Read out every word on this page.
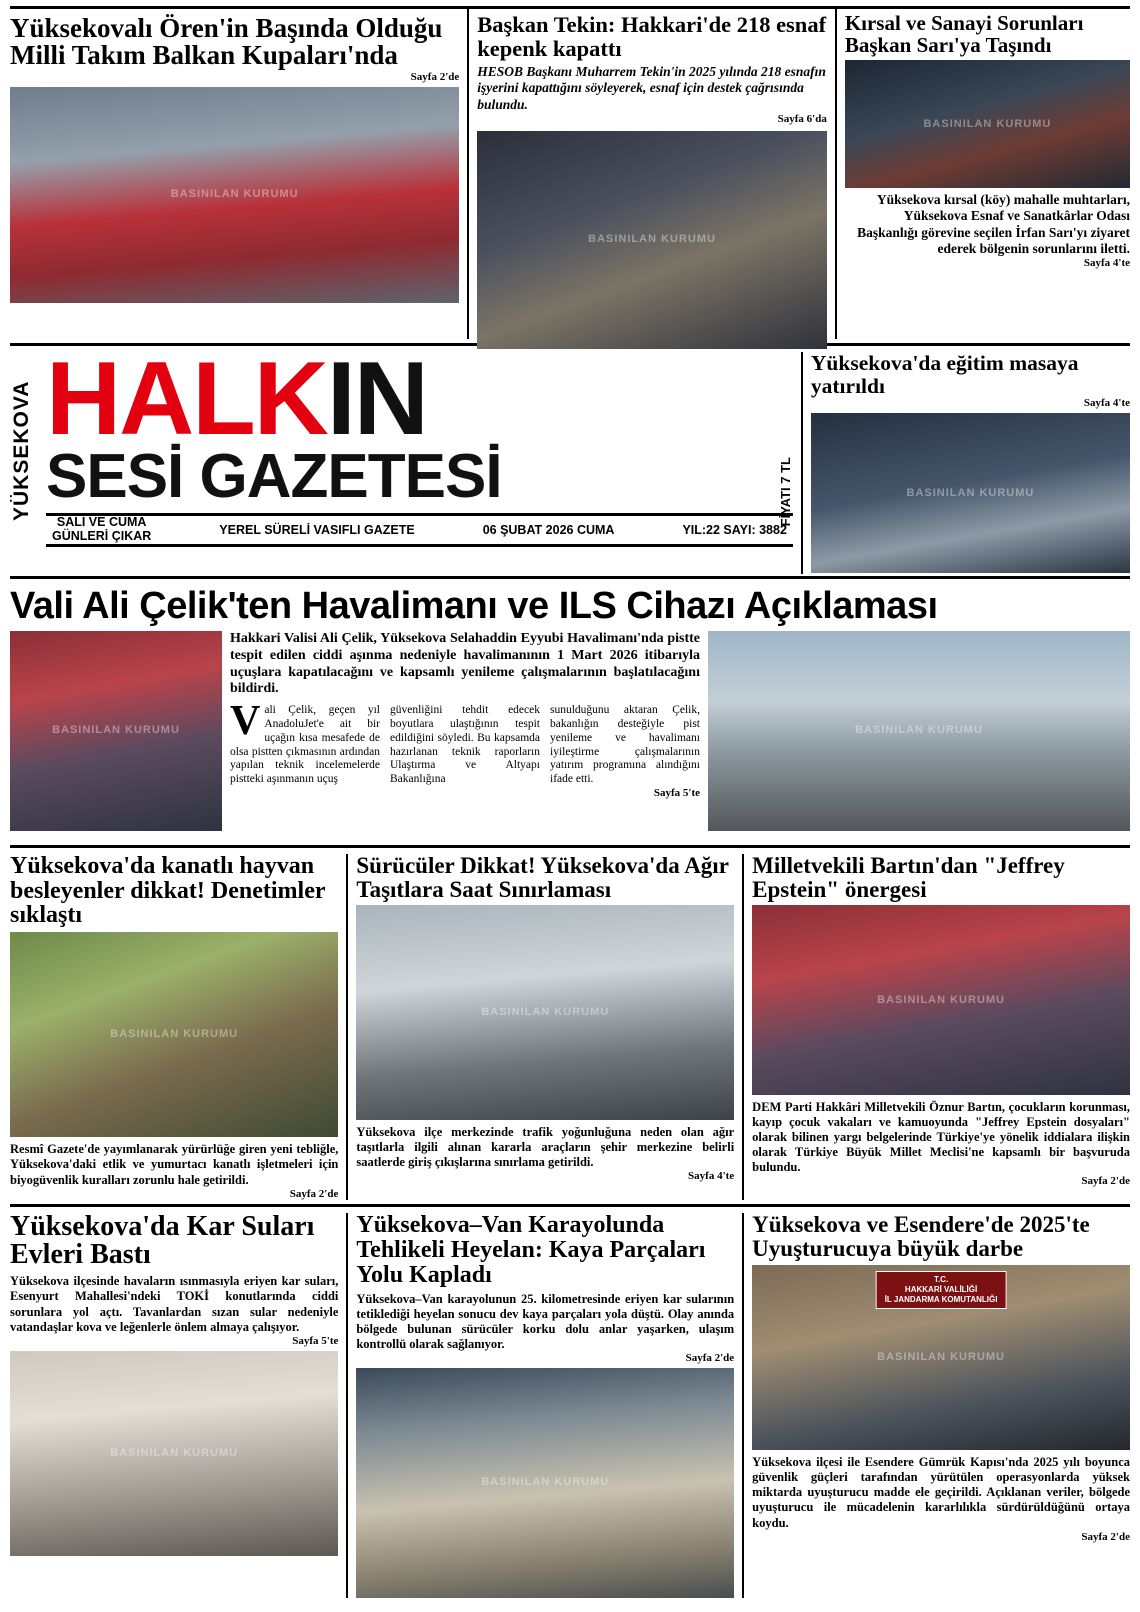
Yüksekovalı Ören'in Başında Olduğu Milli Takım Balkan Kupaları'nda
Sayfa 2'de
BASINILAN KURUMU
Başkan Tekin: Hakkari'de 218 esnaf kepenk kapattı
HESOB Başkanı Muharrem Tekin'in 2025 yılında 218 esnafın işyerini kapattığını söyleyerek, esnaf için destek çağrısında bulundu.
Sayfa 6'da
BASINILAN KURUMU
Kırsal ve Sanayi Sorunları Başkan Sarı'ya Taşındı
BASINILAN KURUMU
Yüksekova kırsal (köy) mahalle muhtarları, Yüksekova Esnaf ve Sanatkârlar Odası Başkanlığı görevine seçilen İrfan Sarı'yı ziyaret ederek bölgenin sorunlarını iletti.
Sayfa 4'te
YÜKSEKOVA HALKIN
SESİ GAZETESİ	FİYATI 7 TL
SALI VE CUMA
GÜNLERİ ÇIKAR	YEREL SÜRELİ VASIFLI GAZETE	06 ŞUBAT 2026 CUMA	YIL:22 SAYI: 3882
Yüksekova'da eğitim masaya yatırıldı
Sayfa 4'te
BASINILAN KURUMU
Vali Ali Çelik'ten Havalimanı ve ILS Cihazı Açıklaması
BASINILAN KURUMU
Hakkari Valisi Ali Çelik, Yüksekova Selahaddin Eyyubi Havalimanı'nda pistte tespit edilen ciddi aşınma nedeniyle havalimanının 1 Mart 2026 itibarıyla uçuşlara kapatılacağını ve kapsamlı yenileme çalışmalarının başlatılacağını bildirdi.
Vali Çelik, geçen yıl AnadoluJet'e ait bir uçağın kısa mesafede de olsa pistten çıkmasının ardından yapılan teknik incelemelerde pistteki aşınmanın uçuş
güvenliğini tehdit edecek boyutlara ulaştığının tespit edildiğini söyledi. Bu kapsamda hazırlanan teknik raporların Ulaştırma ve Altyapı Bakanlığına
sunulduğunu aktaran Çelik, bakanlığın desteğiyle pist yenileme ve havalimanı iyileştirme çalışmalarının yatırım programına alındığını ifade etti.
Sayfa 5'te
BASINILAN KURUMU
Yüksekova'da kanatlı hayvan besleyenler dikkat! Denetimler sıklaştı
BASINILAN KURUMU
Resmî Gazete'de yayımlanarak yürürlüğe giren yeni tebliğle, Yüksekova'daki etlik ve yumurtacı kanatlı işletmeleri için biyogüvenlik kuralları zorunlu hale getirildi.
Sayfa 2'de
Sürücüler Dikkat! Yüksekova'da Ağır Taşıtlara Saat Sınırlaması
BASINILAN KURUMU
Yüksekova ilçe merkezinde trafik yoğunluğuna neden olan ağır taşıtlarla ilgili alınan kararla araçların şehir merkezine belirli saatlerde giriş çıkışlarına sınırlama getirildi.
Sayfa 4'te
Milletvekili Bartın'dan "Jeffrey Epstein" önergesi
BASINILAN KURUMU
DEM Parti Hakkâri Milletvekili Öznur Bartın, çocukların korunması, kayıp çocuk vakaları ve kamuoyunda "Jeffrey Epstein dosyaları" olarak bilinen yargı belgelerinde Türkiye'ye yönelik iddialara ilişkin olarak Türkiye Büyük Millet Meclisi'ne kapsamlı bir başvuruda bulundu.
Sayfa 2'de
Yüksekova'da Kar Suları Evleri Bastı
Yüksekova ilçesinde havaların ısınmasıyla eriyen kar suları, Esenyurt Mahallesi'ndeki TOKİ konutlarında ciddi sorunlara yol açtı. Tavanlardan sızan sular nedeniyle vatandaşlar kova ve leğenlerle önlem almaya çalışıyor.
Sayfa 5'te
BASINILAN KURUMU
Yüksekova–Van Karayolunda Tehlikeli Heyelan: Kaya Parçaları Yolu Kapladı
Yüksekova–Van karayolunun 25. kilometresinde eriyen kar sularının tetiklediği heyelan sonucu dev kaya parçaları yola düştü. Olay anında bölgede bulunan sürücüler korku dolu anlar yaşarken, ulaşım kontrollü olarak sağlanıyor.
Sayfa 2'de
BASINILAN KURUMU
Yüksekova ve Esendere'de 2025'te Uyuşturucuya büyük darbe
T.C.
HAKKARİ VALİLİĞİ
İL JANDARMA KOMUTANLIĞI
BASINILAN KURUMU
Yüksekova ilçesi ile Esendere Gümrük Kapısı'nda 2025 yılı boyunca güvenlik güçleri tarafından yürütülen operasyonlarda yüksek miktarda uyuşturucu madde ele geçirildi. Açıklanan veriler, bölgede uyuşturucu ile mücadelenin kararlılıkla sürdürüldüğünü ortaya koydu.
Sayfa 2'de
